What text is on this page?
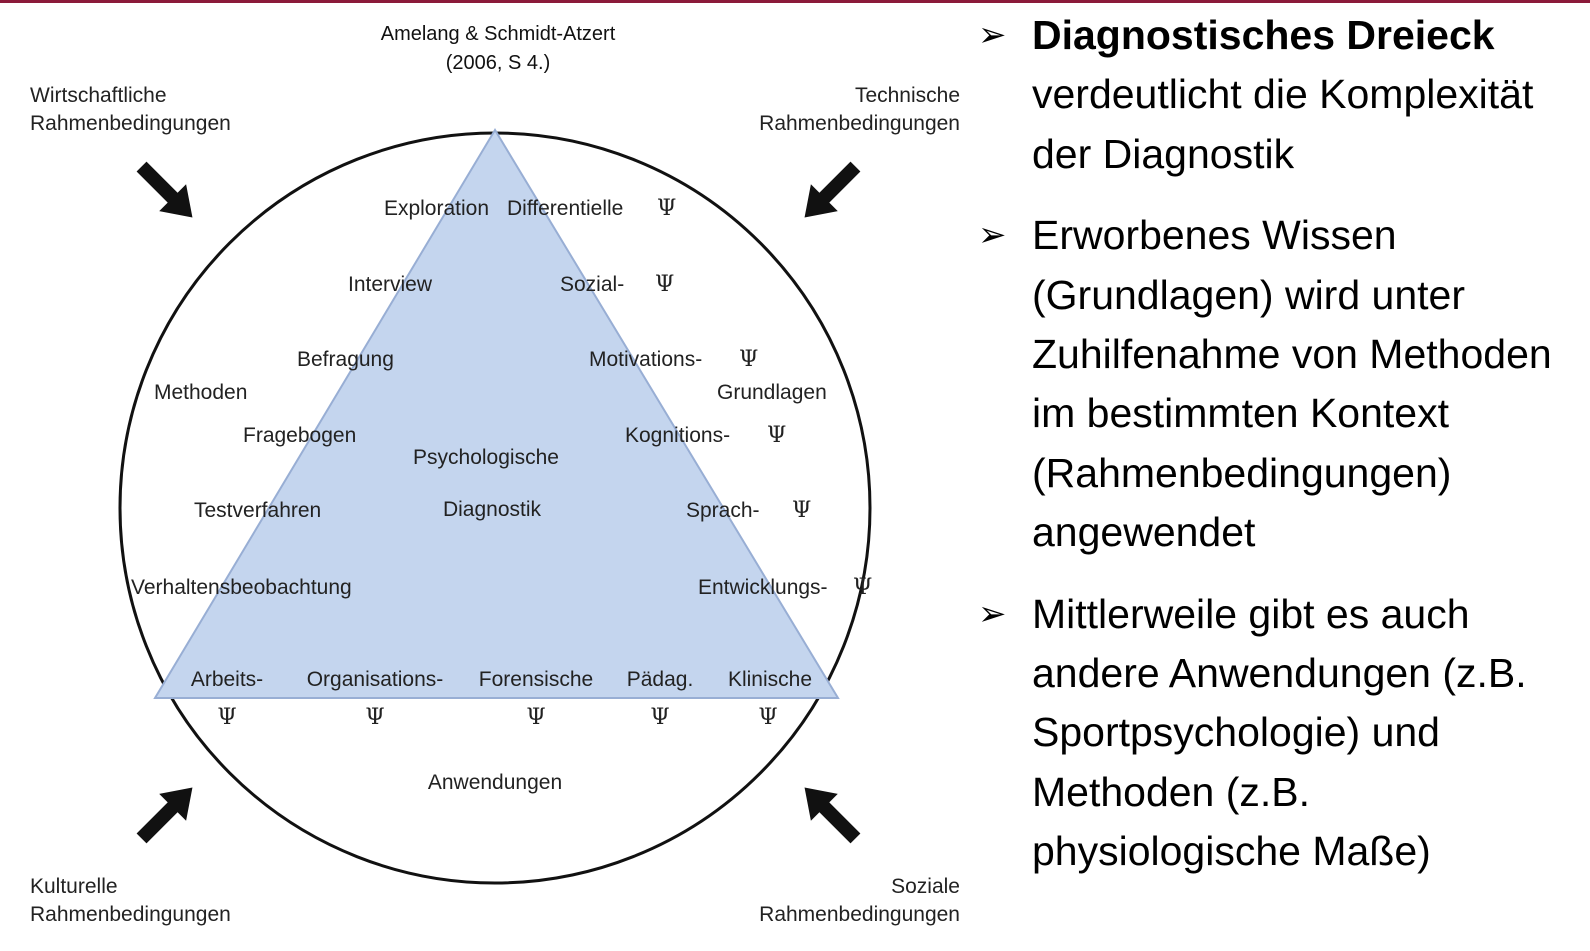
Amelang & Schmidt-Atzert
(2006, S 4.)
Wirtschaftliche
Rahmenbedingungen
Technische
Rahmenbedingungen
Kulturelle
Rahmenbedingungen
Soziale
Rahmenbedingungen
Psychologische
Diagnostik
Methoden
Exploration
Interview
Befragung
Fragebogen
Testverfahren
Verhaltensbeobachtung
Grundlagen
Differentielle Ψ
Sozial- Ψ
Motivations- Ψ
Kognitions- Ψ
Sprach- Ψ
Entwicklungs- Ψ
Arbeits- Organisations- Forensische Pädag. Klinische
Ψ	Ψ	Ψ	Ψ	Ψ
Anwendungen
➢ Diagnostisches Dreieck verdeutlicht die Komplexität der Diagnostik
➢ Erworbenes Wissen (Grundlagen) wird unter Zuhilfenahme von Methoden im bestimmten Kontext (Rahmenbedingungen) angewendet
➢ Mittlerweile gibt es auch andere Anwendungen (z.B. Sportpsychologie) und Methoden (z.B. physiologische Maße)
